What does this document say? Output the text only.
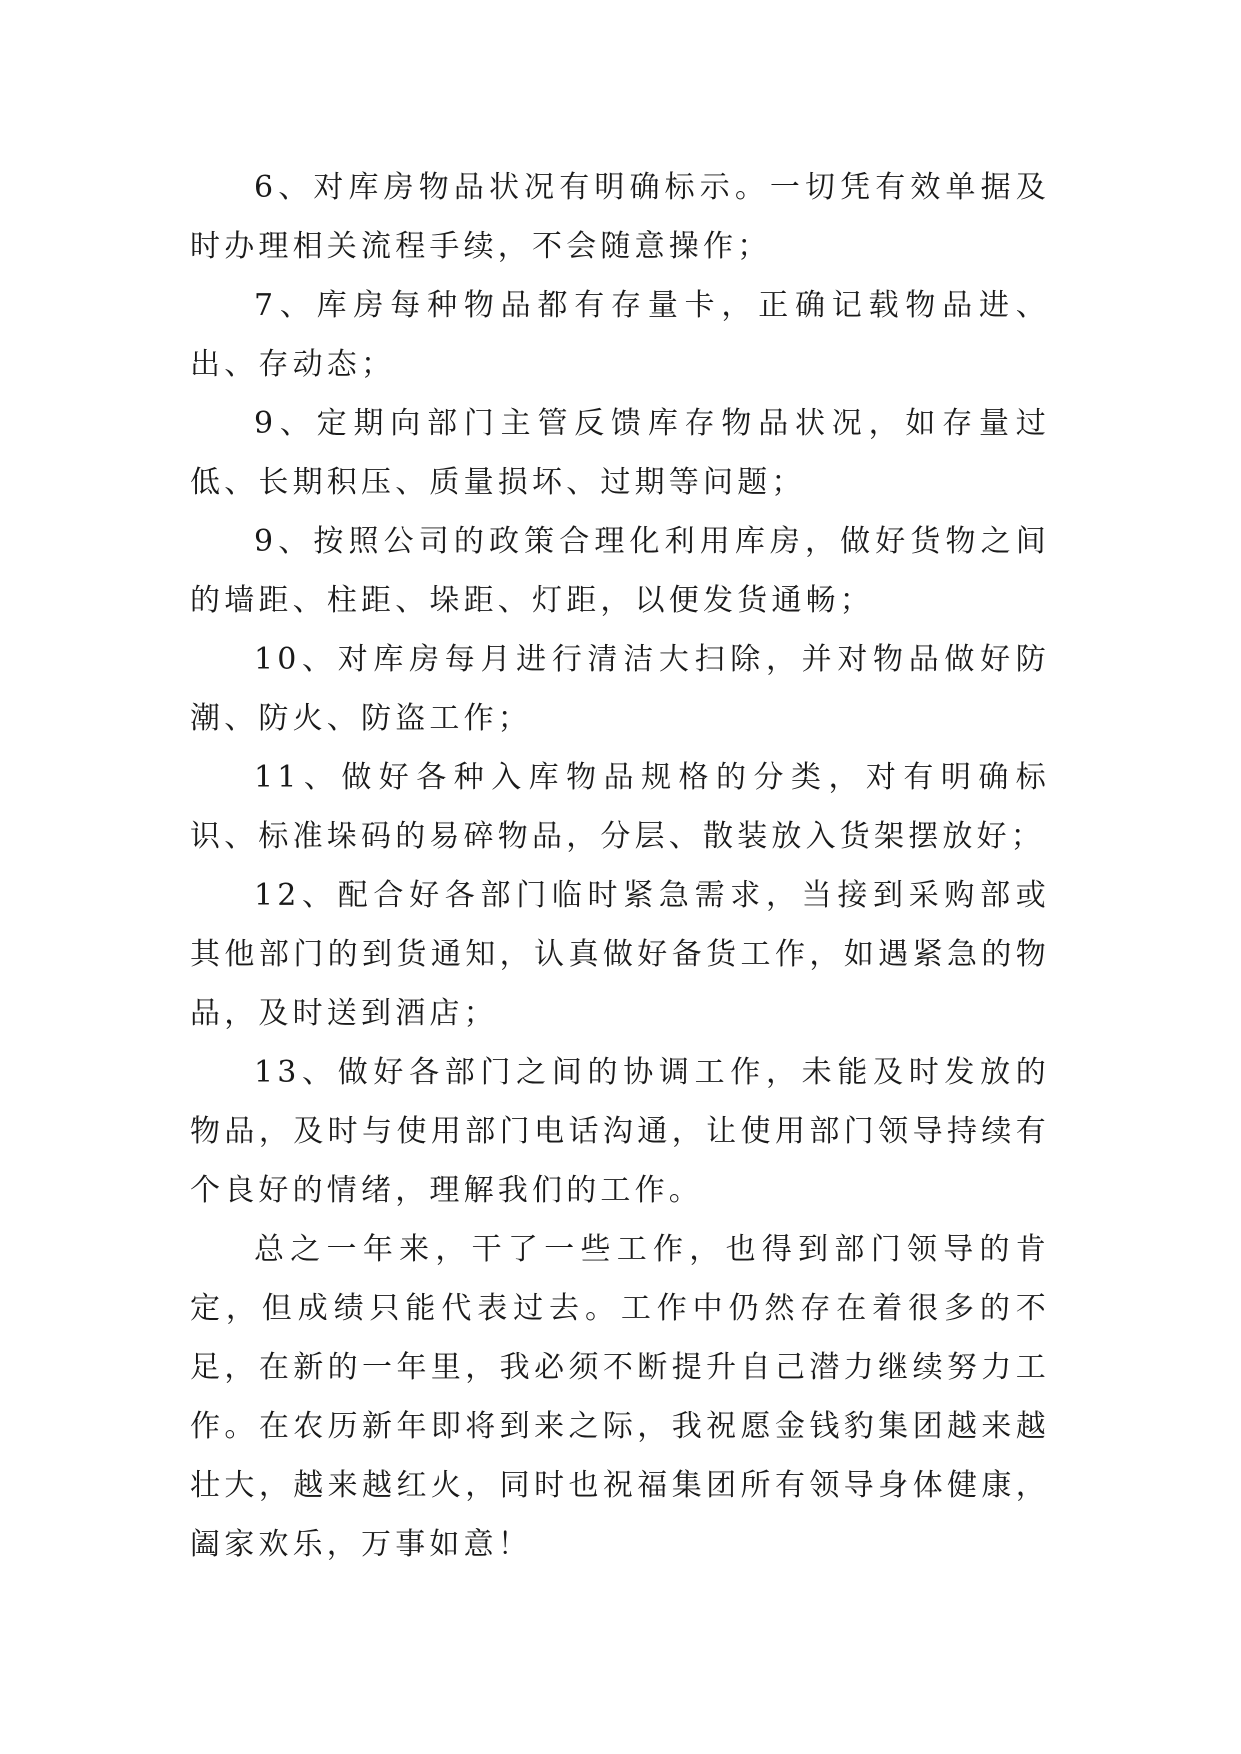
6、对库房物品状况有明确标示。一切凭有效单据及时办理相关流程手续，不会随意操作；

7、库房每种物品都有存量卡，正确记载物品进、出、存动态；

9、定期向部门主管反馈库存物品状况，如存量过低、长期积压、质量损坏、过期等问题；

9、按照公司的政策合理化利用库房，做好货物之间的墙距、柱距、垛距、灯距，以便发货通畅；

10、对库房每月进行清洁大扫除，并对物品做好防潮、防火、防盗工作；

11、做好各种入库物品规格的分类，对有明确标识、标准垛码的易碎物品，分层、散装放入货架摆放好；

12、配合好各部门临时紧急需求，当接到采购部或其他部门的到货通知，认真做好备货工作，如遇紧急的物品，及时送到酒店；

13、做好各部门之间的协调工作，未能及时发放的物品，及时与使用部门电话沟通，让使用部门领导持续有个良好的情绪，理解我们的工作。

总之一年来，干了一些工作，也得到部门领导的肯定，但成绩只能代表过去。工作中仍然存在着很多的不足，在新的一年里，我必须不断提升自己潜力继续努力工作。在农历新年即将到来之际，我祝愿金钱豹集团越来越壮大，越来越红火，同时也祝福集团所有领导身体健康，阖家欢乐，万事如意！
